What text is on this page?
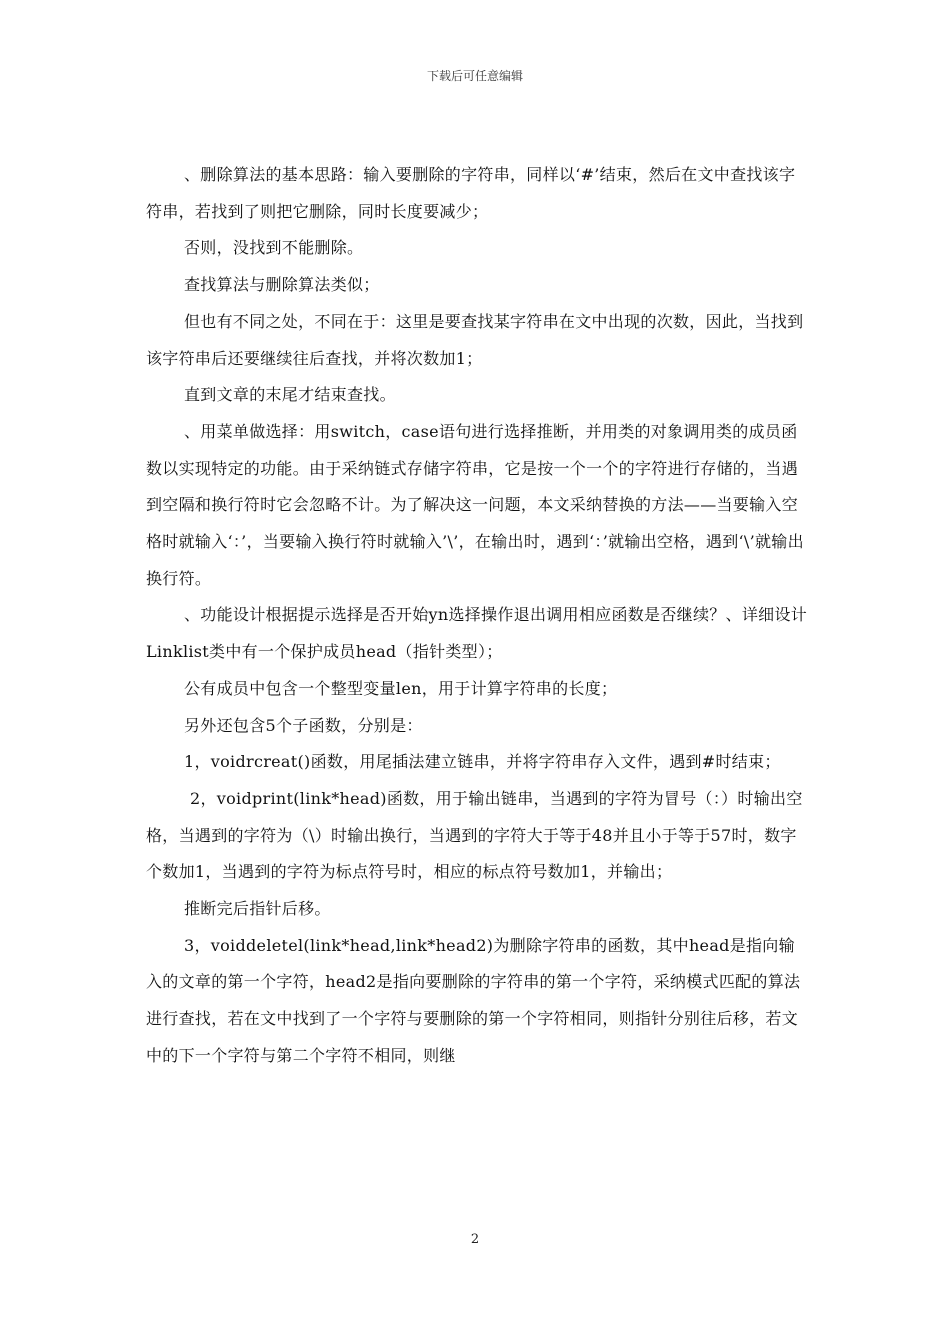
下载后可任意编辑

、删除算法的基本思路：输入要删除的字符串，同样以‘#’结束，然后在文中查找该字符串，若找到了则把它删除，同时长度要减少；

否则，没找到不能删除。

查找算法与删除算法类似；

但也有不同之处，不同在于：这里是要查找某字符串在文中出现的次数，因此，当找到该字符串后还要继续往后查找，并将次数加1；

直到文章的末尾才结束查找。

、用菜单做选择：用switch，case语句进行选择推断，并用类的对象调用类的成员函数以实现特定的功能。由于采纳链式存储字符串，它是按一个一个的字符进行存储的，当遇到空隔和换行符时它会忽略不计。为了解决这一问题，本文采纳替换的方法——当要输入空格时就输入‘：’，当要输入换行符时就输入’\’，在输出时，遇到‘：’就输出空格，遇到‘\’就输出换行符。

、功能设计根据提示选择是否开始yn选择操作退出调用相应函数是否继续？、详细设计Linklist类中有一个保护成员head（指针类型）；

公有成员中包含一个整型变量len，用于计算字符串的长度；

另外还包含5个子函数，分别是：

1，voidrcreat()函数，用尾插法建立链串，并将字符串存入文件，遇到#时结束；

2，voidprint(link*head)函数，用于输出链串，当遇到的字符为冒号（：）时输出空格，当遇到的字符为（\）时输出换行，当遇到的字符大于等于48并且小于等于57时，数字个数加1，当遇到的字符为标点符号时，相应的标点符号数加1，并输出；

推断完后指针后移。

3，voiddeletel(link*head,link*head2)为删除字符串的函数，其中head是指向输入的文章的第一个字符，head2是指向要删除的字符串的第一个字符，采纳模式匹配的算法进行查找，若在文中找到了一个字符与要删除的第一个字符相同，则指针分别往后移，若文中的下一个字符与第二个字符不相同，则继

2
